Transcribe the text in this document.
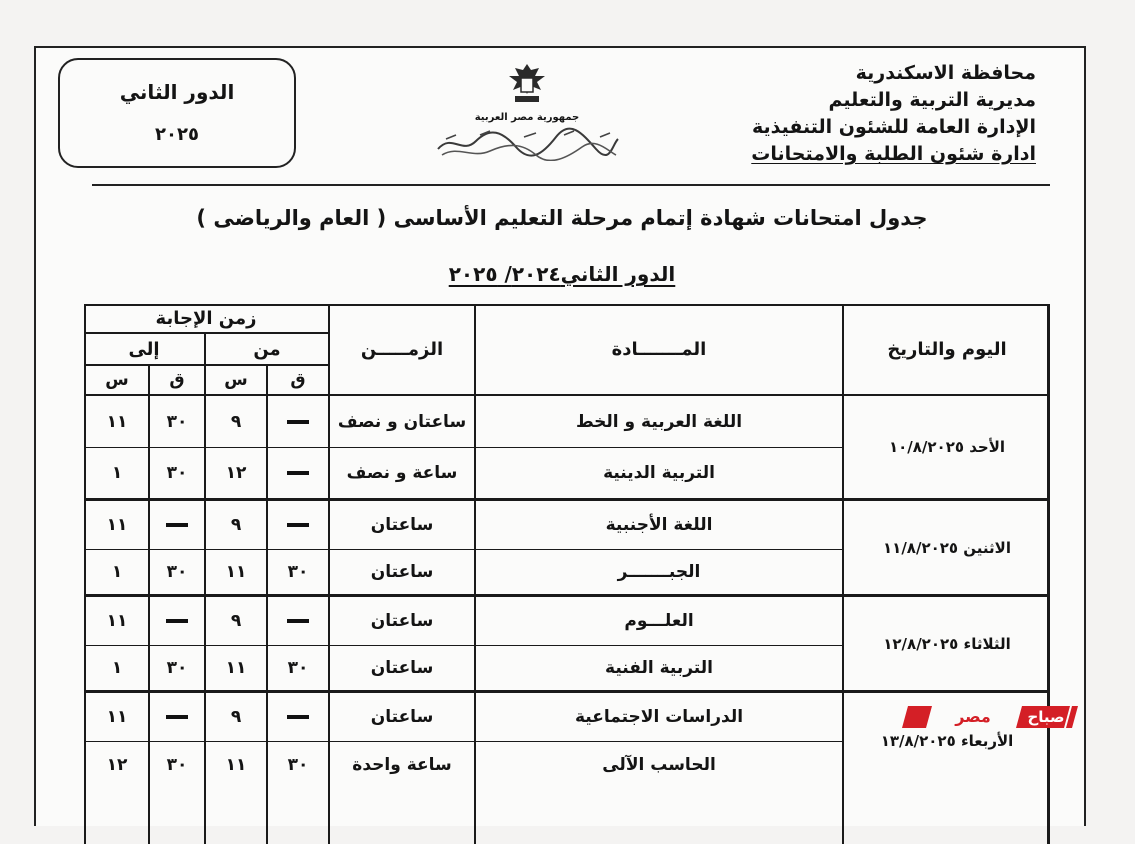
محافظة الاسكندرية
مديرية التربية والتعليم
الإدارة العامة للشئون التنفيذية
ادارة شئون الطلبة والامتحانات
جمهورية مصر العربية
الدور الثاني
٢٠٢٥
جدول امتحانات شهادة إتمام مرحلة التعليم الأساسى ( العام والرياضى )
الدور الثاني٢٠٢٤/ ٢٠٢٥
اليوم والتاريخ
المـــــــادة
الزمـــــن
زمن الإجابة
من
إلى
ق
س
ق
س
الأحد ١٠/٨/٢٠٢٥
الاثنين ١١/٨/٢٠٢٥
الثلاثاء ١٢/٨/٢٠٢٥
الأربعاء ١٣/٨/٢٠٢٥
اللغة العربية و الخط
ساعتان و نصف
٩
٣٠
١١
التربية الدينية
ساعة و نصف
١٢
٣٠
١
اللغة الأجنبية
ساعتان
٩
١١
الجبـــــــر
ساعتان
٣٠
١١
٣٠
١
العلـــوم
ساعتان
٩
١١
التربية الفنية
ساعتان
٣٠
١١
٣٠
١
الدراسات الاجتماعية
ساعتان
٩
١١
الحاسب الآلى
ساعة واحدة
٣٠
١١
٣٠
١٢
صباح
مصر
